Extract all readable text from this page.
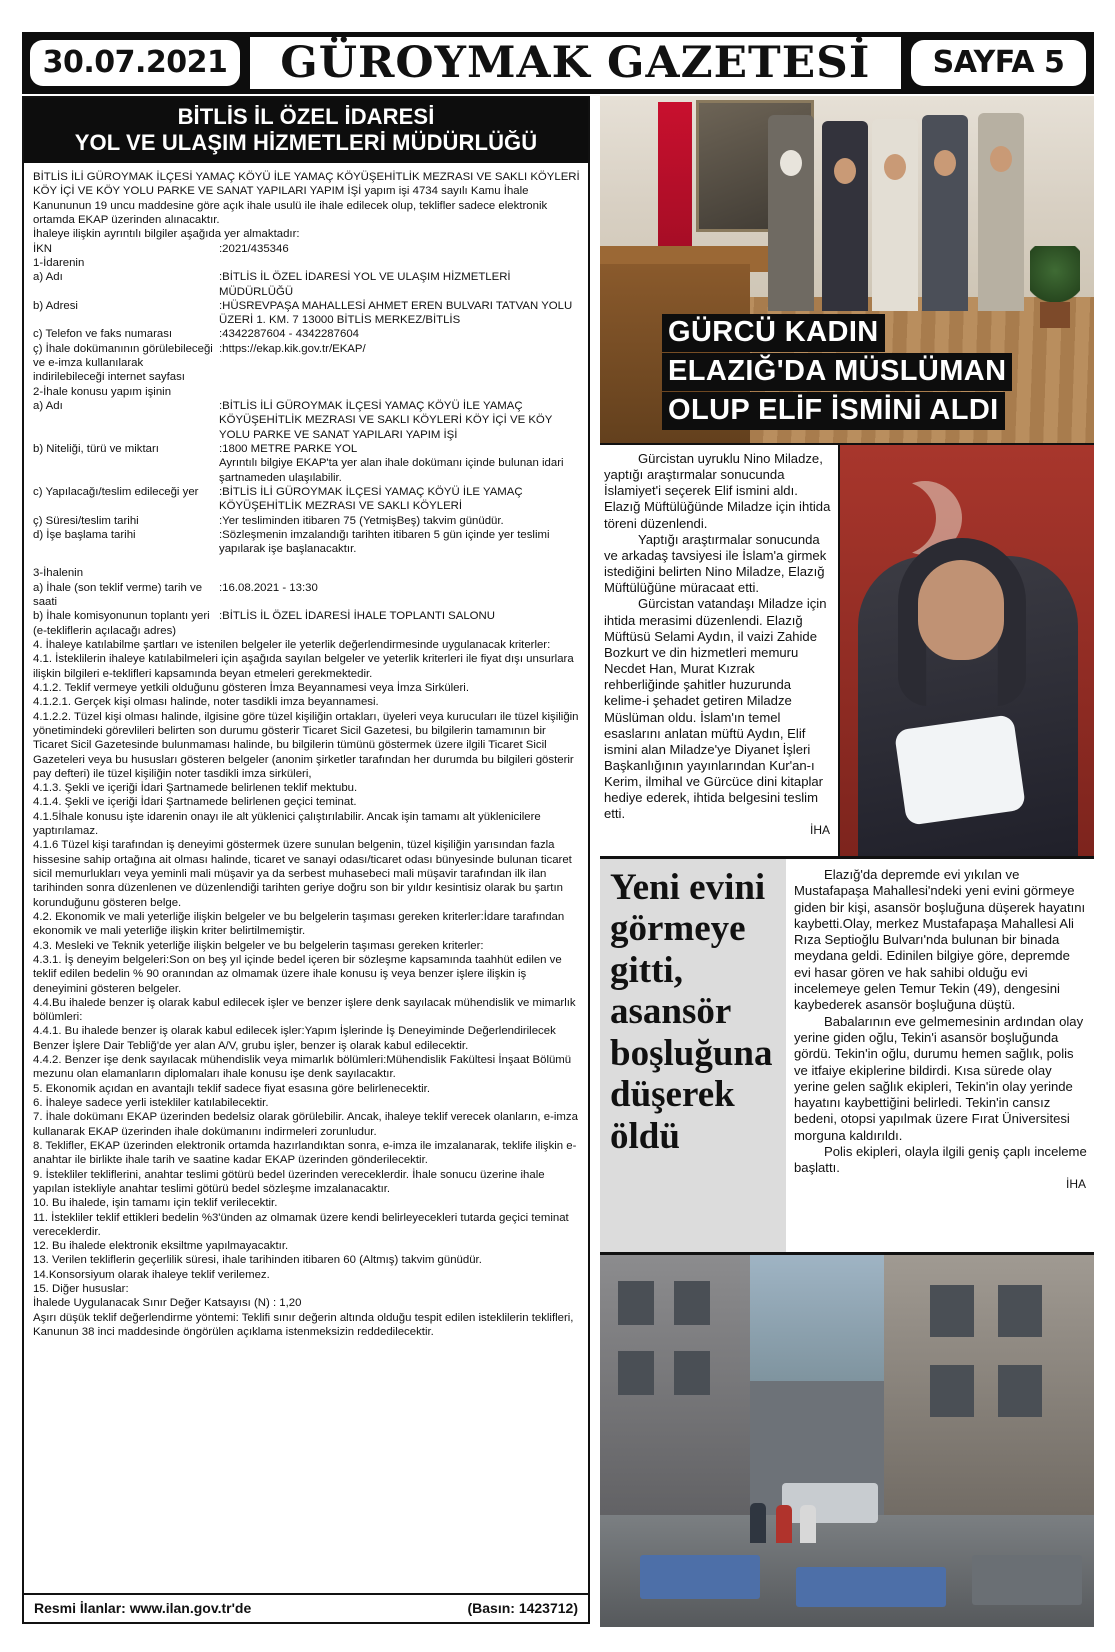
30.07.2021 GÜROYMAK GAZETESİ SAYFA 5
BİTLİS İL ÖZEL İDARESİ
YOL VE ULAŞIM HİZMETLERİ MÜDÜRLÜĞÜ
BİTLİS İLİ GÜROYMAK İLÇESİ YAMAÇ KÖYÜ İLE YAMAÇ KÖYÜŞEHİTLİK MEZRASI VE SAKLI KÖYLERİ KÖY İÇİ VE KÖY YOLU PARKE VE SANAT YAPILARI YAPIM İŞİ yapım işi 4734 sayılı Kamu İhale Kanununun 19 uncu maddesine göre açık ihale usulü ile ihale edilecek olup, teklifler sadece elektronik ortamda EKAP üzerinden alınacaktır.
İhaleye ilişkin ayrıntılı bilgiler aşağıda yer almaktadır:
İKN	:2021/435346
1-İdarenin
a) Adı	:BİTLİS İL ÖZEL İDARESİ YOL VE ULAŞIM HİZMETLERİ MÜDÜRLÜĞÜ
b) Adresi	:HÜSREVPAŞA MAHALLESİ AHMET EREN BULVARI TATVAN YOLU ÜZERİ 1. KM. 7 13000 BİTLİS MERKEZ/BİTLİS
c) Telefon ve faks numarası	:4342287604 - 4342287604
ç) İhale dokümanının görülebileceği ve e-imza kullanılarak indirilebileceği internet sayfası
:https://ekap.kik.gov.tr/EKAP/
2-İhale konusu yapım işinin
a) Adı	:BİTLİS İLİ GÜROYMAK İLÇESİ YAMAÇ KÖYÜ İLE YAMAÇ KÖYÜŞEHİTLİK MEZRASI VE SAKLI KÖYLERİ KÖY İÇİ VE KÖY YOLU PARKE VE SANAT YAPILARI YAPIM İŞİ
b) Niteliği, türü ve miktarı	:1800 METRE PARKE YOL
Ayrıntılı bilgiye EKAP'ta yer alan ihale dokümanı içinde bulunan idari şartnameden ulaşılabilir.
c) Yapılacağı/teslim edileceği yer	:BİTLİS İLİ GÜROYMAK İLÇESİ YAMAÇ KÖYÜ İLE YAMAÇ KÖYÜŞEHİTLİK MEZRASI VE SAKLI KÖYLERİ
ç) Süresi/teslim tarihi	:Yer tesliminden itibaren 75 (YetmişBeş) takvim günüdür.
d) İşe başlama tarihi	:Sözleşmenin imzalandığı tarihten itibaren 5 gün içinde yer teslimi yapılarak işe başlanacaktır.
3-İhalenin
a) İhale (son teklif verme) tarih ve saati
:16.08.2021 - 13:30
b) İhale komisyonunun toplantı yeri (e-tekliflerin açılacağı adres)
:BİTLİS İL ÖZEL İDARESİ İHALE TOPLANTI SALONU
4. İhaleye katılabilme şartları ve istenilen belgeler ile yeterlik değerlendirmesinde uygulanacak kriterler:
4.1. İsteklilerin ihaleye katılabilmeleri için aşağıda sayılan belgeler ve yeterlik kriterleri ile fiyat dışı unsurlara ilişkin bilgileri e-teklifleri kapsamında beyan etmeleri gerekmektedir.
4.1.2. Teklif vermeye yetkili olduğunu gösteren İmza Beyannamesi veya İmza Sirküleri.
4.1.2.1. Gerçek kişi olması halinde, noter tasdikli imza beyannamesi.
4.1.2.2. Tüzel kişi olması halinde, ilgisine göre tüzel kişiliğin ortakları, üyeleri veya kurucuları ile tüzel kişiliğin yönetimindeki görevlileri belirten son durumu gösterir Ticaret Sicil Gazetesi, bu bilgilerin tamamının bir Ticaret Sicil Gazetesinde bulunmaması halinde, bu bilgilerin tümünü göstermek üzere ilgili Ticaret Sicil Gazeteleri veya bu hususları gösteren belgeler (anonim şirketler tarafından her durumda bu bilgileri gösterir pay defteri) ile tüzel kişiliğin noter tasdikli imza sirküleri,
4.1.3. Şekli ve içeriği İdari Şartnamede belirlenen teklif mektubu.
4.1.4. Şekli ve içeriği İdari Şartnamede belirlenen geçici teminat.
4.1.5İhale konusu işte idarenin onayı ile alt yüklenici çalıştırılabilir. Ancak işin tamamı alt yüklenicilere yaptırılamaz.
4.1.6 Tüzel kişi tarafından iş deneyimi göstermek üzere sunulan belgenin, tüzel kişiliğin yarısından fazla hissesine sahip ortağına ait olması halinde, ticaret ve sanayi odası/ticaret odası bünyesinde bulunan ticaret sicil memurlukları veya yeminli mali müşavir ya da serbest muhasebeci mali müşavir tarafından ilk ilan tarihinden sonra düzenlenen ve düzenlendiği tarihten geriye doğru son bir yıldır kesintisiz olarak bu şartın korunduğunu gösteren belge.
4.2. Ekonomik ve mali yeterliğe ilişkin belgeler ve bu belgelerin taşıması gereken kriterler:İdare tarafından ekonomik ve mali yeterliğe ilişkin kriter belirtilmemiştir.
4.3. Mesleki ve Teknik yeterliğe ilişkin belgeler ve bu belgelerin taşıması gereken kriterler:
4.3.1. İş deneyim belgeleri:Son on beş yıl içinde bedel içeren bir sözleşme kapsamında taahhüt edilen ve teklif edilen bedelin % 90 oranından az olmamak üzere ihale konusu iş veya benzer işlere ilişkin iş deneyimini gösteren belgeler.
4.4.Bu ihalede benzer iş olarak kabul edilecek işler ve benzer işlere denk sayılacak mühendislik ve mimarlık bölümleri:
4.4.1. Bu ihalede benzer iş olarak kabul edilecek işler:Yapım İşlerinde İş Deneyiminde Değerlendirilecek Benzer İşlere Dair Tebliğ'de yer alan A/V, grubu işler, benzer iş olarak kabul edilecektir.
4.4.2. Benzer işe denk sayılacak mühendislik veya mimarlık bölümleri:Mühendislik Fakültesi İnşaat Bölümü mezunu olan elamanların diplomaları ihale konusu işe denk sayılacaktır.
5. Ekonomik açıdan en avantajlı teklif sadece fiyat esasına göre belirlenecektir.
6. İhaleye sadece yerli istekliler katılabilecektir.
7. İhale dokümanı EKAP üzerinden bedelsiz olarak görülebilir. Ancak, ihaleye teklif verecek olanların, e-imza kullanarak EKAP üzerinden ihale dokümanını indirmeleri zorunludur.
8. Teklifler, EKAP üzerinden elektronik ortamda hazırlandıktan sonra, e-imza ile imzalanarak, teklife ilişkin e-anahtar ile birlikte ihale tarih ve saatine kadar EKAP üzerinden gönderilecektir.
9. İstekliler tekliflerini, anahtar teslimi götürü bedel üzerinden vereceklerdir. İhale sonucu üzerine ihale yapılan istekliyle anahtar teslimi götürü bedel sözleşme imzalanacaktır.
10. Bu ihalede, işin tamamı için teklif verilecektir.
11. İstekliler teklif ettikleri bedelin %3'ünden az olmamak üzere kendi belirleyecekleri tutarda geçici teminat vereceklerdir.
12. Bu ihalede elektronik eksiltme yapılmayacaktır.
13. Verilen tekliflerin geçerlilik süresi, ihale tarihinden itibaren 60 (Altmış) takvim günüdür.
14.Konsorsiyum olarak ihaleye teklif verilemez.
15. Diğer hususlar:
İhalede Uygulanacak Sınır Değer Katsayısı (N) : 1,20
Aşırı düşük teklif değerlendirme yöntemi: Teklifi sınır değerin altında olduğu tespit edilen isteklilerin teklifleri, Kanunun 38 inci maddesinde öngörülen açıklama istenmeksizin reddedilecektir.
Resmi İlanlar: www.ilan.gov.tr'de	(Basın: 1423712)
GÜRCÜ KADIN
ELAZIĞ'DA MÜSLÜMAN
OLUP ELİF İSMİNİ ALDI

Gürcistan uyruklu Nino Miladze, yaptığı araştırmalar sonucunda İslamiyet'i seçerek Elif ismini aldı. Elazığ Müftülüğünde Miladze için ihtida töreni düzenlendi.

Yaptığı araştırmalar sonucunda ve arkadaş tavsiyesi ile İslam'a girmek istediğini belirten Nino Miladze, Elazığ Müftülüğüne müracaat etti.

Gürcistan vatandaşı Miladze için ihtida merasimi düzenlendi. Elazığ Müftüsü Selami Aydın, il vaizi Zahide Bozkurt ve din hizmetleri memuru Necdet Han, Murat Kızrak rehberliğinde şahitler huzurunda kelime-i şehadet getiren Miladze Müslüman oldu. İslam'ın temel esaslarını anlatan müftü Aydın, Elif ismini alan Miladze'ye Diyanet İşleri Başkanlığının yayınlarından Kur'an-ı Kerim, ilmihal ve Gürcüce dini kitaplar hediye ederek, ihtida belgesini teslim etti.

İHA
Yeni evini
görmeye
gitti,
asansör
boşluğuna
düşerek
öldü

Elazığ'da depremde evi yıkılan ve Mustafapaşa Mahallesi'ndeki yeni evini görmeye giden bir kişi, asansör boşluğuna düşerek hayatını kaybetti.Olay, merkez Mustafapaşa Mahallesi Ali Rıza Septioğlu Bulvarı'nda bulunan bir binada meydana geldi. Edinilen bilgiye göre, depremde evi hasar gören ve hak sahibi olduğu evi incelemeye gelen Temur Tekin (49), dengesini kaybederek asansör boşluğuna düştü.

Babalarının eve gelmemesinin ardından olay yerine giden oğlu, Tekin'i asansör boşluğunda gördü. Tekin'in oğlu, durumu hemen sağlık, polis ve itfaiye ekiplerine bildirdi. Kısa sürede olay yerine gelen sağlık ekipleri, Tekin'in olay yerinde hayatını kaybettiğini belirledi. Tekin'in cansız bedeni, otopsi yapılmak üzere Fırat Üniversitesi morguna kaldırıldı.

Polis ekipleri, olayla ilgili geniş çaplı inceleme başlattı.

İHA
